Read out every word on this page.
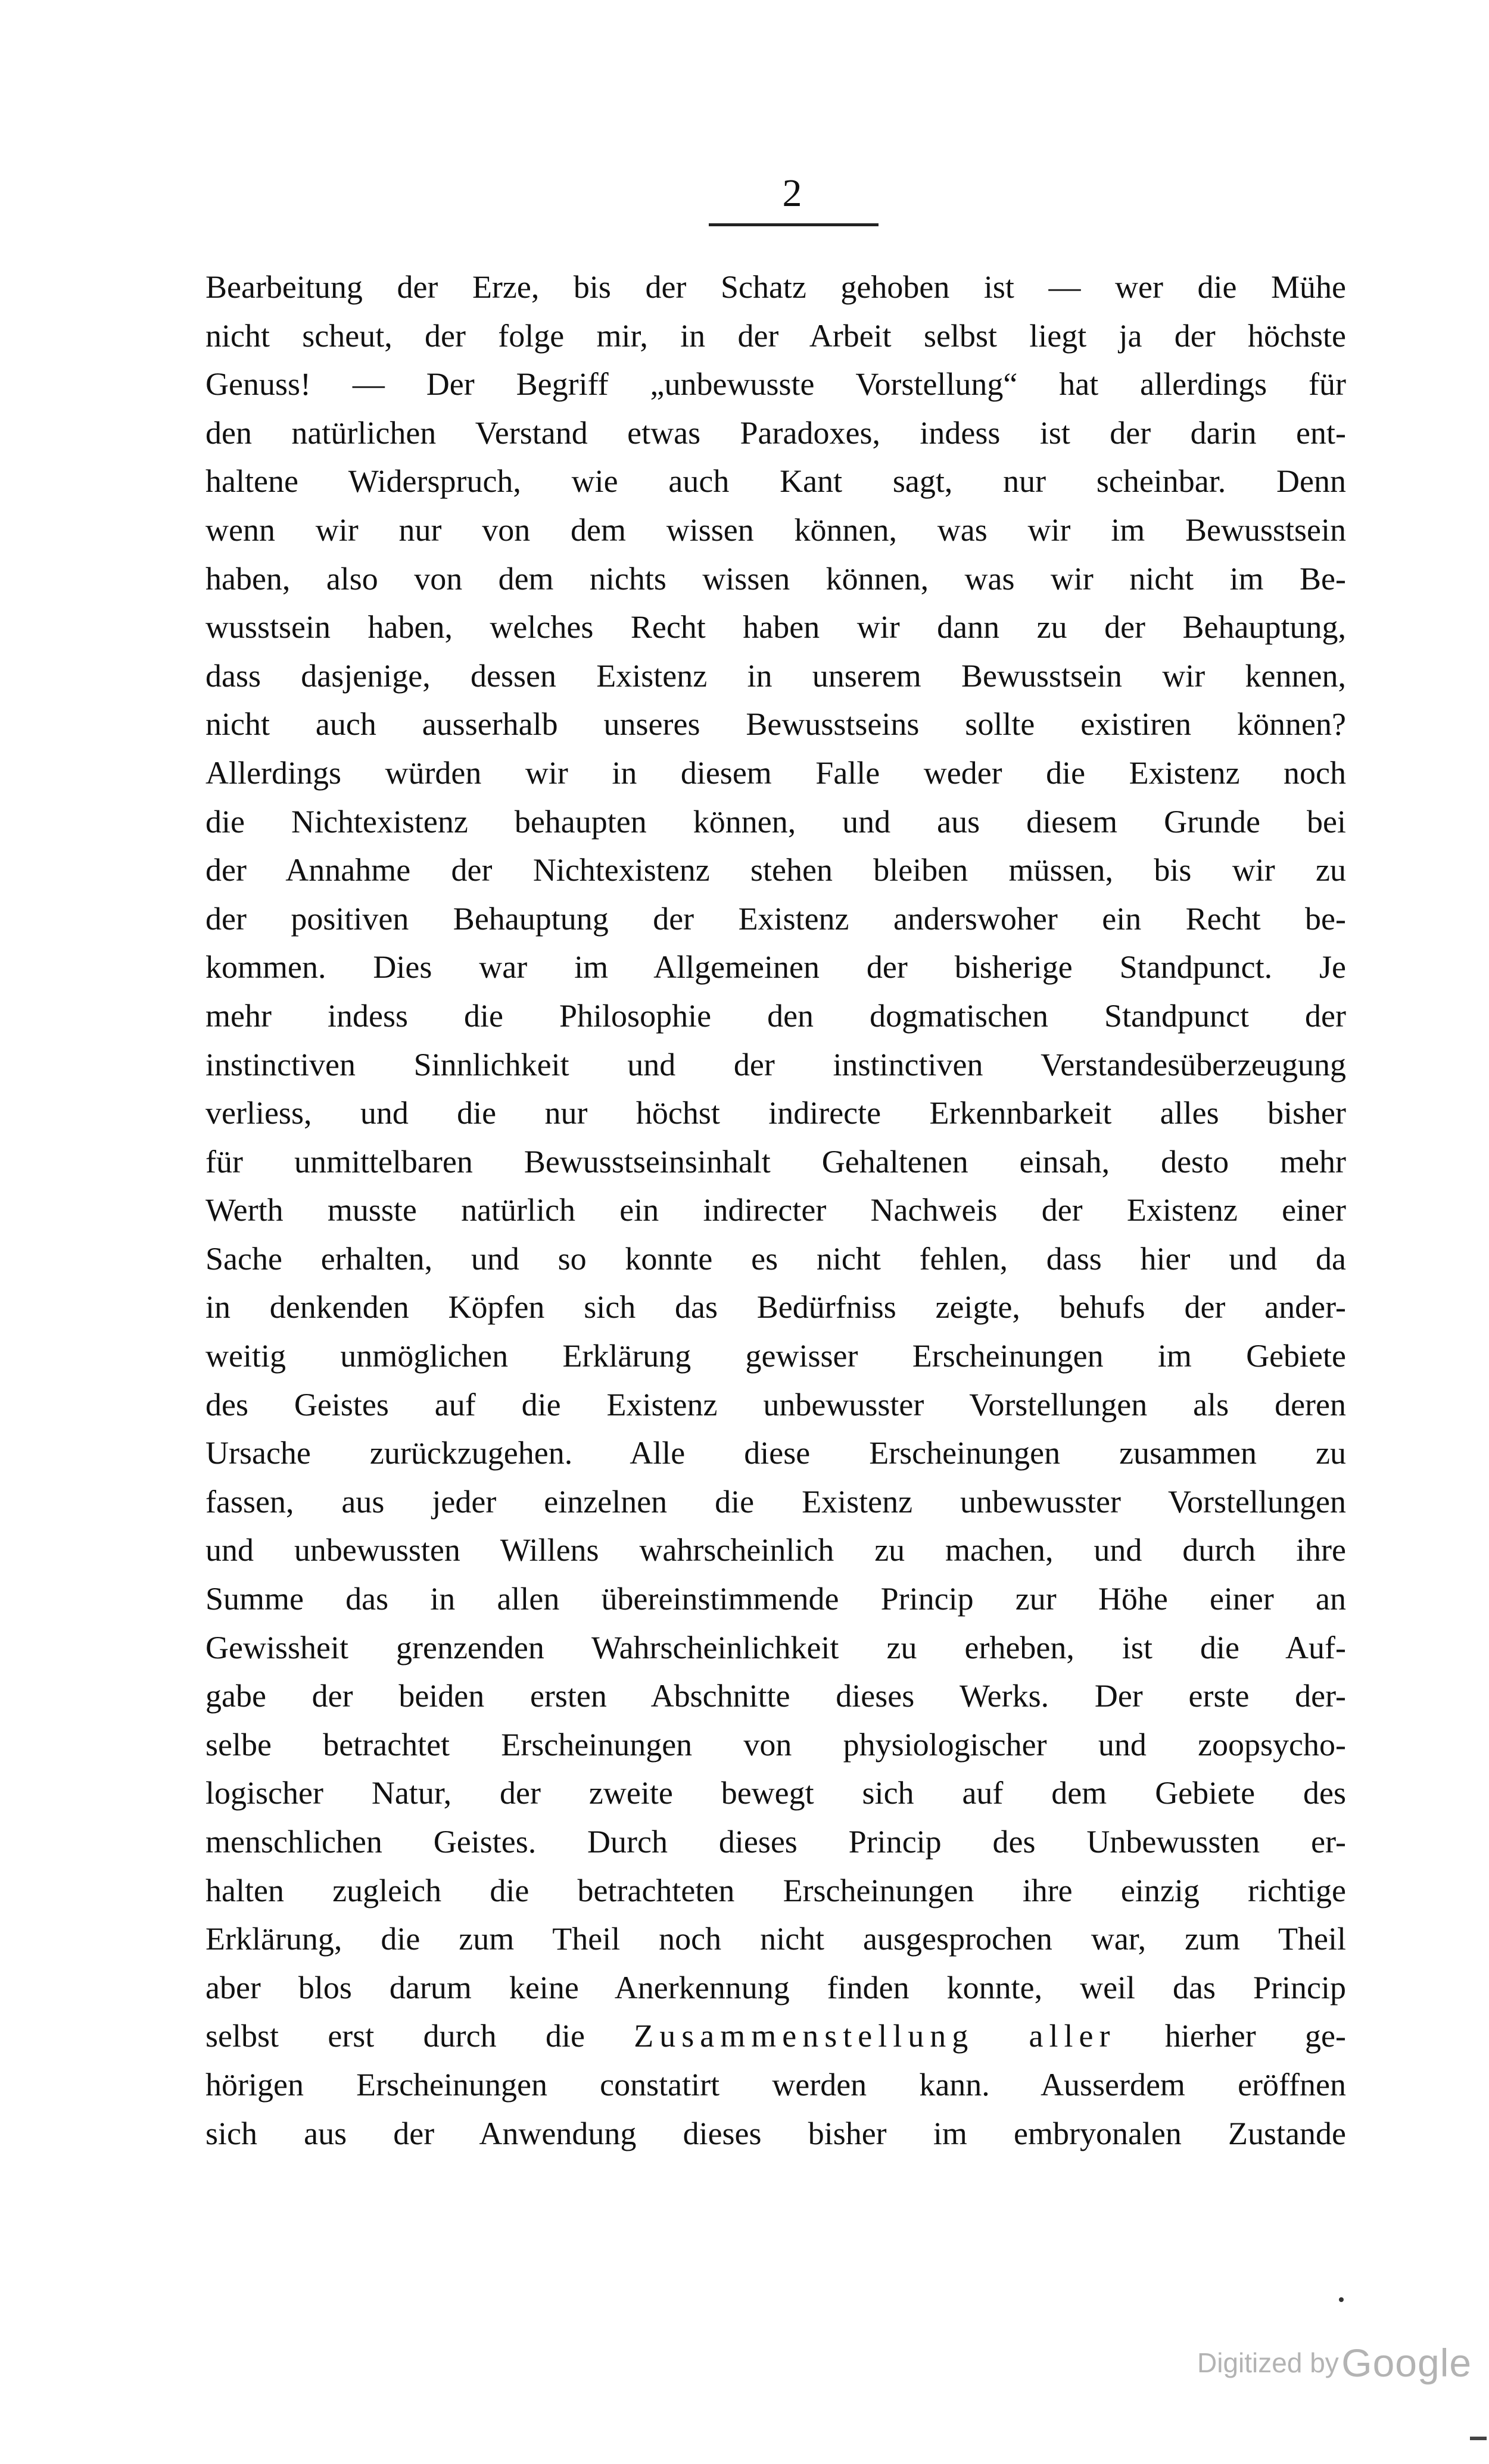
2
Bearbeitung der Erze, bis der Schatz gehoben ist — wer die Mühe
nicht scheut, der folge mir, in der Arbeit selbst liegt ja der höchste
Genuss! — Der Begriff „unbewusste Vorstellung“ hat allerdings für
den natürlichen Verstand etwas Paradoxes, indess ist der darin ent-
haltene Widerspruch, wie auch Kant sagt, nur scheinbar. Denn
wenn wir nur von dem wissen können, was wir im Bewusstsein
haben, also von dem nichts wissen können, was wir nicht im Be-
wusstsein haben, welches Recht haben wir dann zu der Behauptung,
dass dasjenige, dessen Existenz in unserem Bewusstsein wir kennen,
nicht auch ausserhalb unseres Bewusstseins sollte existiren können?
Allerdings würden wir in diesem Falle weder die Existenz noch
die Nichtexistenz behaupten können, und aus diesem Grunde bei
der Annahme der Nichtexistenz stehen bleiben müssen, bis wir zu
der positiven Behauptung der Existenz anderswoher ein Recht be-
kommen. Dies war im Allgemeinen der bisherige Standpunct. Je
mehr indess die Philosophie den dogmatischen Standpunct der
instinctiven Sinnlichkeit und der instinctiven Verstandesüberzeugung
verliess, und die nur höchst indirecte Erkennbarkeit alles bisher
für unmittelbaren Bewusstseinsinhalt Gehaltenen einsah, desto mehr
Werth musste natürlich ein indirecter Nachweis der Existenz einer
Sache erhalten, und so konnte es nicht fehlen, dass hier und da
in denkenden Köpfen sich das Bedürfniss zeigte, behufs der ander-
weitig unmöglichen Erklärung gewisser Erscheinungen im Gebiete
des Geistes auf die Existenz unbewusster Vorstellungen als deren
Ursache zurückzugehen. Alle diese Erscheinungen zusammen zu
fassen, aus jeder einzelnen die Existenz unbewusster Vorstellungen
und unbewussten Willens wahrscheinlich zu machen, und durch ihre
Summe das in allen übereinstimmende Princip zur Höhe einer an
Gewissheit grenzenden Wahrscheinlichkeit zu erheben, ist die Auf-
gabe der beiden ersten Abschnitte dieses Werks. Der erste der-
selbe betrachtet Erscheinungen von physiologischer und zoopsycho-
logischer Natur, der zweite bewegt sich auf dem Gebiete des
menschlichen Geistes. Durch dieses Princip des Unbewussten er-
halten zugleich die betrachteten Erscheinungen ihre einzig richtige
Erklärung, die zum Theil noch nicht ausgesprochen war, zum Theil
aber blos darum keine Anerkennung finden konnte, weil das Princip
selbst erst durch die Zusammenstellung aller hierher ge-
hörigen Erscheinungen constatirt werden kann. Ausserdem eröffnen
sich aus der Anwendung dieses bisher im embryonalen Zustande
Digitized by Google
